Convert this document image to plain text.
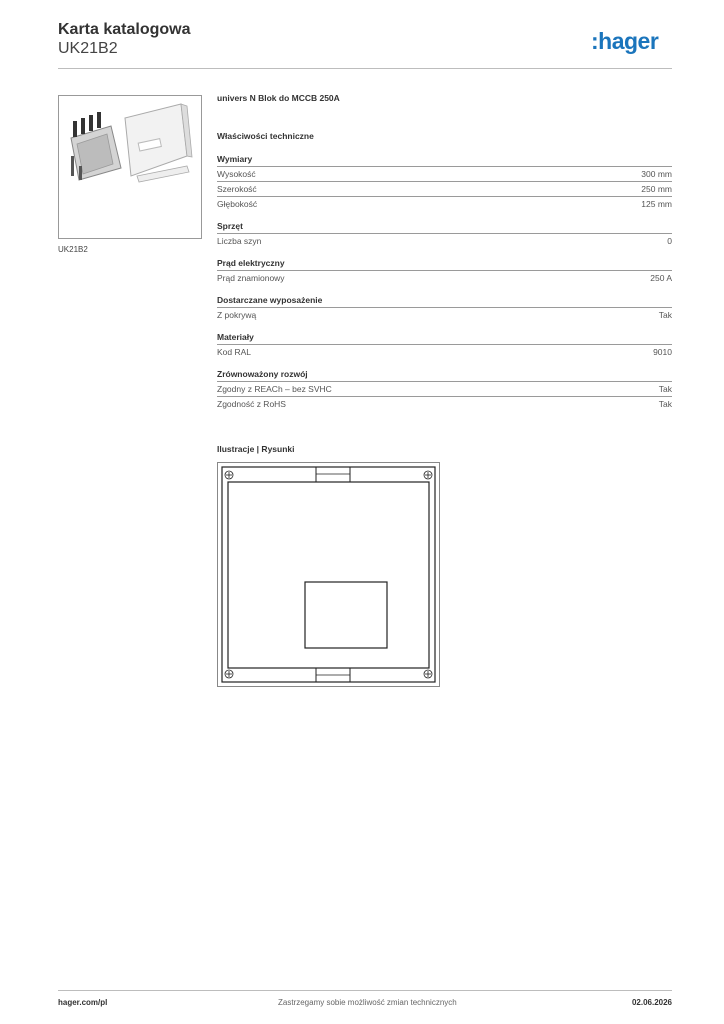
Karta katalogowa
UK21B2	:hager
UK21B2
univers N Blok do MCCB 250A
Właściwości techniczne
Wymiary
Wysokość	300 mm
Szerokość	250 mm
Głębokość	125 mm
Sprzęt
Liczba szyn	0
Prąd elektryczny
Prąd znamionowy	250 A
Dostarczane wyposażenie
Z pokrywą	Tak
Materiały
Kod RAL	9010
Zrównoważony rozwój
Zgodny z REACh – bez SVHC	Tak
Zgodność z RoHS	Tak
Ilustracje | Rysunki
hager.com/pl	Zastrzegamy sobie możliwość zmian technicznych	02.06.2026
